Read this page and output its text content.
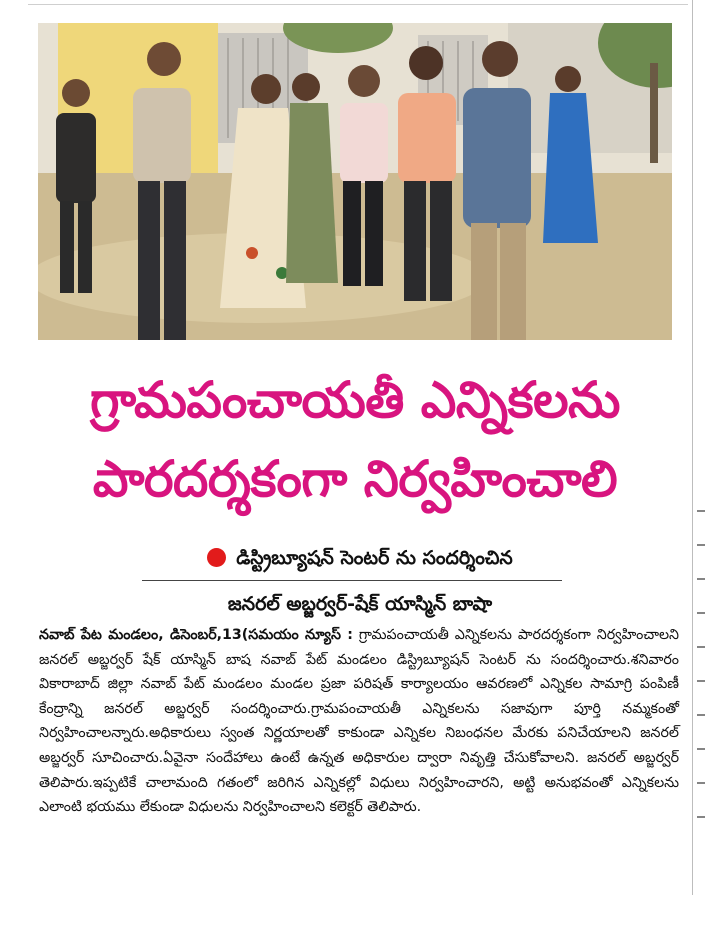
గ్రామపంచాయతీ ఎన్నికలను
పారదర్శకంగా నిర్వహించాలి
డిస్ట్రిబ్యూషన్ సెంటర్ ను సందర్శించిన
జనరల్ అబ్జర్వర్-షేక్ యాస్మిన్ బాషా
నవాబ్ పేట మండలం, డిసెంబర్,13(సమయం న్యూస్ : గ్రామపంచాయతీ ఎన్నికలను పారదర్శకంగా నిర్వహించాలని జనరల్ అబ్జర్వర్ షేక్ యాస్మిన్ బాష నవాబ్ పేట్ మండలం డిస్ట్రిబ్యూషన్ సెంటర్ ను సందర్శించారు.శనివారం వికారాబాద్ జిల్లా నవాబ్ పేట్ మండలం మండల ప్రజా పరిషత్ కార్యాలయం ఆవరణలో ఎన్నికల సామాగ్రి పంపిణీ కేంద్రాన్ని జనరల్ అబ్జర్వర్ సందర్శించారు.గ్రామపంచాయతీ ఎన్నికలను సజావుగా పూర్తి నమ్మకంతో నిర్వహించాలన్నారు.అధికారులు స్వంత నిర్ణయాలతో కాకుండా ఎన్నికల నిబంధనల మేరకు పనిచేయాలని జనరల్ అబ్జర్వర్ సూచించారు.ఏవైనా సందేహాలు ఉంటే ఉన్నత అధికారుల ద్వారా నివృత్తి చేసుకోవాలని. జనరల్ అబ్జర్వర్ తెలిపారు.ఇప్పటికే చాలామంది గతంలో జరిగిన ఎన్నికల్లో విధులు నిర్వహించారని, అట్టి అనుభవంతో ఎన్నికలను ఎలాంటి భయము లేకుండా విధులను నిర్వహించాలని కలెక్టర్ తెలిపారు.
